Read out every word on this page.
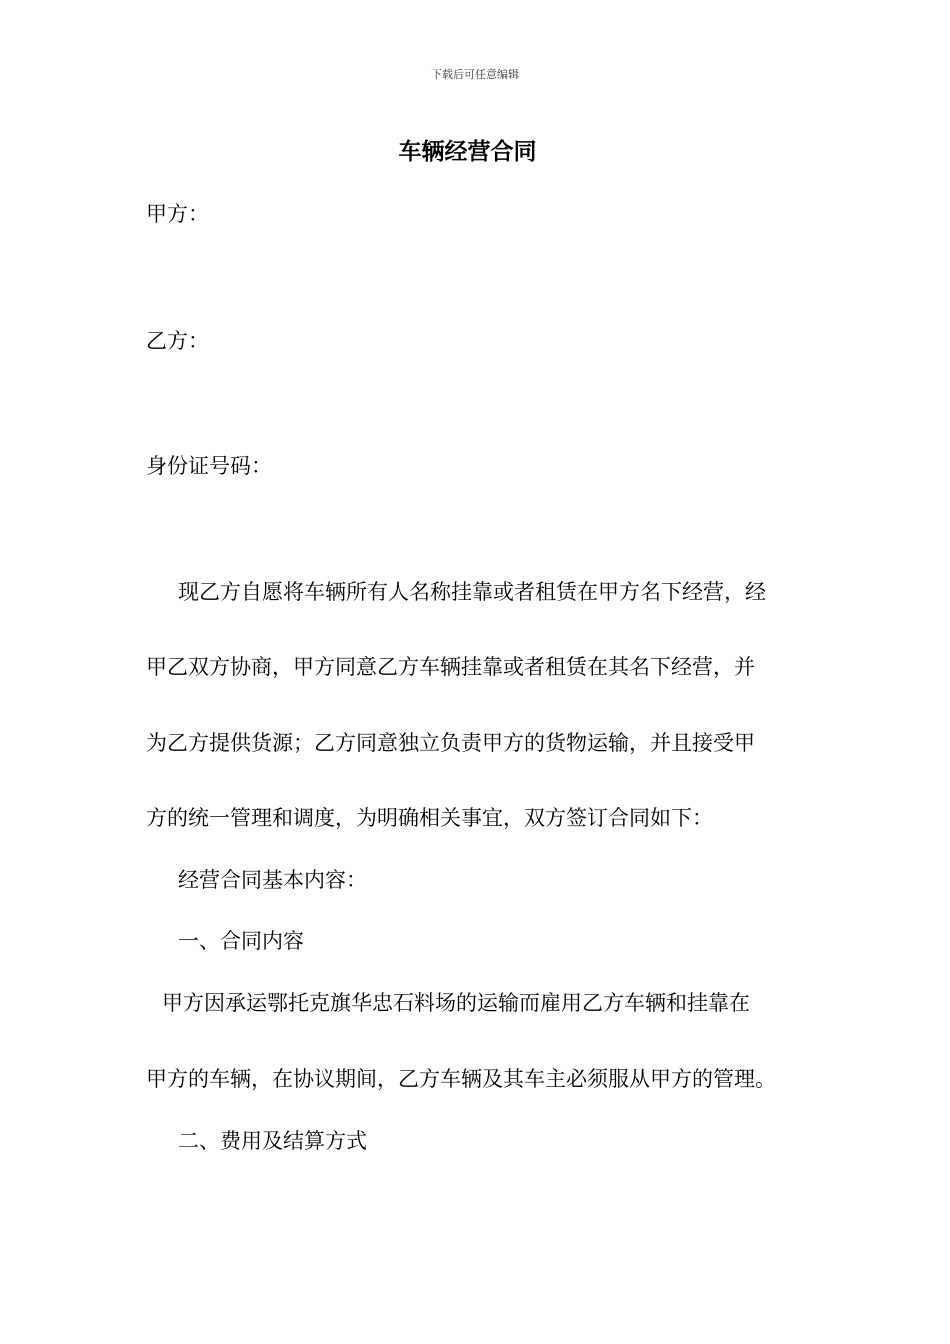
下载后可任意编辑
车辆经营合同
甲方：
乙方：
身份证号码：
现乙方自愿将车辆所有人名称挂靠或者租赁在甲方名下经营，经
甲乙双方协商，甲方同意乙方车辆挂靠或者租赁在其名下经营，并
为乙方提供货源；乙方同意独立负责甲方的货物运输，并且接受甲
方的统一管理和调度，为明确相关事宜，双方签订合同如下：
经营合同基本内容：
一、合同内容
甲方因承运鄂托克旗华忠石料场的运输而雇用乙方车辆和挂靠在
甲方的车辆，在协议期间，乙方车辆及其车主必须服从甲方的管理。
二、费用及结算方式
